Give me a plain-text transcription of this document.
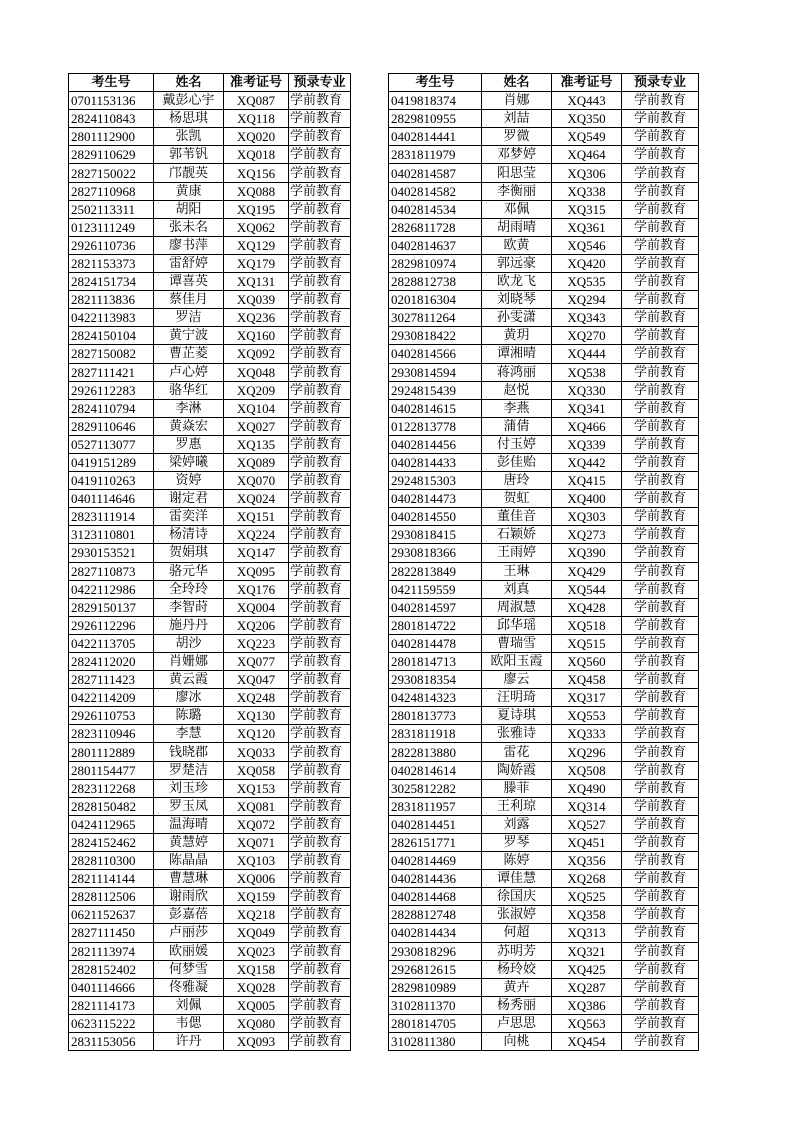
考生号	姓名	准考证号	预录专业
0701153136	戴彭心宇	XQ087	学前教育
2824110843	杨思琪	XQ118	学前教育
2801112900	张凯	XQ020	学前教育
2829110629	郭苇钒	XQ018	学前教育
2827150022	邝靓英	XQ156	学前教育
2827110968	黄康	XQ088	学前教育
2502113311	胡阳	XQ195	学前教育
0123111249	张未名	XQ062	学前教育
2926110736	廖书萍	XQ129	学前教育
2821153373	雷舒婷	XQ179	学前教育
2824151734	谭喜英	XQ131	学前教育
2821113836	蔡佳月	XQ039	学前教育
0422113983	罗洁	XQ236	学前教育
2824150104	黄宁波	XQ160	学前教育
2827150082	曹芷菱	XQ092	学前教育
2827111421	卢心婷	XQ048	学前教育
2926112283	骆华红	XQ209	学前教育
2824110794	李淋	XQ104	学前教育
2829110646	黄焱宏	XQ027	学前教育
0527113077	罗惠	XQ135	学前教育
0419151289	梁婷曦	XQ089	学前教育
0419110263	资婷	XQ070	学前教育
0401114646	谢定君	XQ024	学前教育
2823111914	雷奕洋	XQ151	学前教育
3123110801	杨清诗	XQ224	学前教育
2930153521	贺娟琪	XQ147	学前教育
2827110873	骆元华	XQ095	学前教育
0422112986	全玲玲	XQ176	学前教育
2829150137	李智莳	XQ004	学前教育
2926112296	施丹丹	XQ206	学前教育
0422113705	胡沙	XQ223	学前教育
2824112020	肖姗娜	XQ077	学前教育
2827111423	黄云霞	XQ047	学前教育
0422114209	廖冰	XQ248	学前教育
2926110753	陈璐	XQ130	学前教育
2823110946	李慧	XQ120	学前教育
2801112889	钱晓郡	XQ033	学前教育
2801154477	罗楚洁	XQ058	学前教育
2823112268	刘玉珍	XQ153	学前教育
2828150482	罗玉凤	XQ081	学前教育
0424112965	温海晴	XQ072	学前教育
2824152462	黄慧婷	XQ071	学前教育
2828110300	陈晶晶	XQ103	学前教育
2821114144	曹慧琳	XQ006	学前教育
2828112506	谢雨欣	XQ159	学前教育
0621152637	彭嘉蓓	XQ218	学前教育
2827111450	卢丽莎	XQ049	学前教育
2821113974	欧丽媛	XQ023	学前教育
2828152402	何梦雪	XQ158	学前教育
0401114666	佟雅凝	XQ028	学前教育
2821114173	刘佩	XQ005	学前教育
0623115222	韦偲	XQ080	学前教育
2831153056	许丹	XQ093	学前教育
考生号	姓名	准考证号	预录专业
0419818374	肖娜	XQ443	学前教育
2829810955	刘喆	XQ350	学前教育
0402814441	罗微	XQ549	学前教育
2831811979	邓梦婷	XQ464	学前教育
0402814587	阳思莹	XQ306	学前教育
0402814582	李衡丽	XQ338	学前教育
0402814534	邓佩	XQ315	学前教育
2826811728	胡雨晴	XQ361	学前教育
0402814637	欧黄	XQ546	学前教育
2829810974	郭远豪	XQ420	学前教育
2828812738	欧龙飞	XQ535	学前教育
0201816304	刘晓琴	XQ294	学前教育
3027811264	孙雯潇	XQ343	学前教育
2930818422	黄玥	XQ270	学前教育
0402814566	谭湘晴	XQ444	学前教育
2930814594	蒋鸿丽	XQ538	学前教育
2924815439	赵悦	XQ330	学前教育
0402814615	李燕	XQ341	学前教育
0122813778	蒲倩	XQ466	学前教育
0402814456	付玉婷	XQ339	学前教育
0402814433	彭佳贻	XQ442	学前教育
2924815303	唐玲	XQ415	学前教育
0402814473	贺虹	XQ400	学前教育
0402814550	董佳音	XQ303	学前教育
2930818415	石颖娇	XQ273	学前教育
2930818366	王雨婷	XQ390	学前教育
2822813849	王琳	XQ429	学前教育
0421159559	刘真	XQ544	学前教育
0402814597	周淑慧	XQ428	学前教育
2801814722	邱华瑶	XQ518	学前教育
0402814478	曹瑞雪	XQ515	学前教育
2801814713	欧阳玉霞	XQ560	学前教育
2930818354	廖云	XQ458	学前教育
0424814323	汪明琦	XQ317	学前教育
2801813773	夏诗琪	XQ553	学前教育
2831811918	张雅诗	XQ333	学前教育
2822813880	雷花	XQ296	学前教育
0402814614	陶娇霞	XQ508	学前教育
3025812282	滕菲	XQ490	学前教育
2831811957	王利琼	XQ314	学前教育
0402814451	刘露	XQ527	学前教育
2826151771	罗琴	XQ451	学前教育
0402814469	陈婷	XQ356	学前教育
0402814436	谭佳慧	XQ268	学前教育
0402814468	徐国庆	XQ525	学前教育
2828812748	张淑婷	XQ358	学前教育
0402814434	何超	XQ313	学前教育
2930818296	苏明芳	XQ321	学前教育
2926812615	杨玲姣	XQ425	学前教育
2829810989	黄卉	XQ287	学前教育
3102811370	杨秀丽	XQ386	学前教育
2801814705	卢思思	XQ563	学前教育
3102811380	向桃	XQ454	学前教育
